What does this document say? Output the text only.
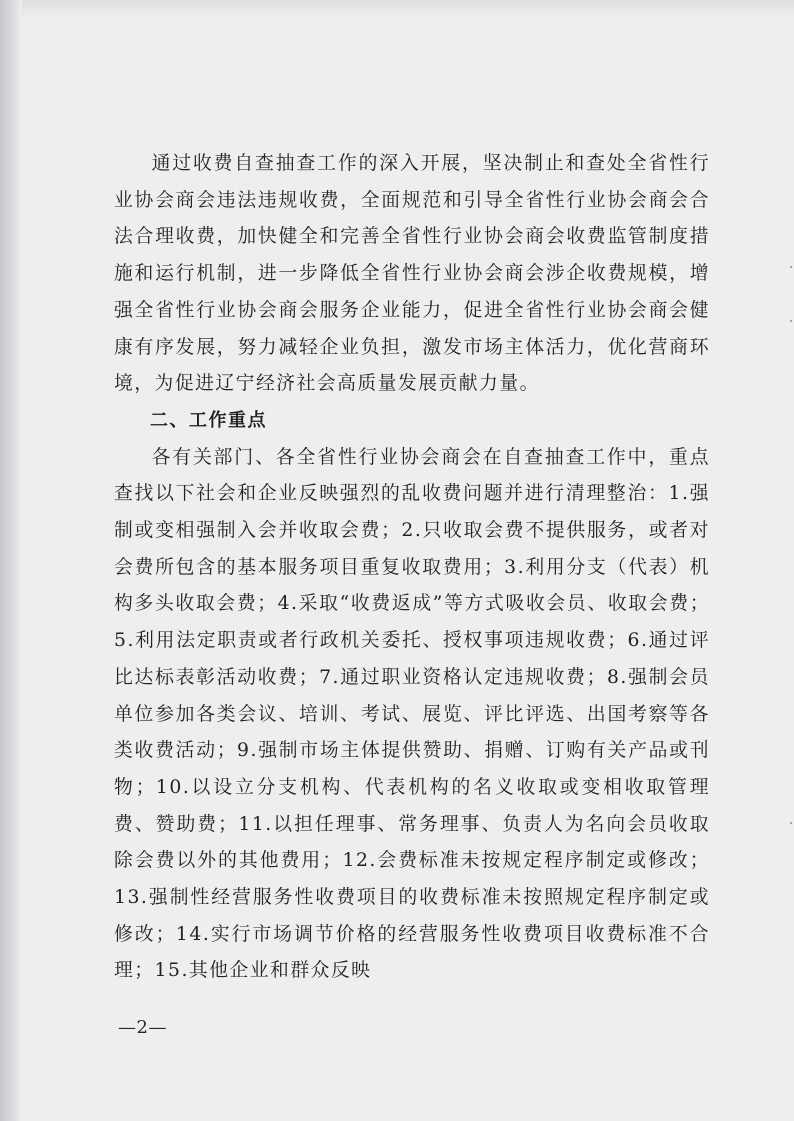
通过收费自查抽查工作的深入开展，坚决制止和查处全省性行业协会商会违法违规收费，全面规范和引导全省性行业协会商会合法合理收费，加快健全和完善全省性行业协会商会收费监管制度措施和运行机制，进一步降低全省性行业协会商会涉企收费规模，增强全省性行业协会商会服务企业能力，促进全省性行业协会商会健康有序发展，努力减轻企业负担，激发市场主体活力，优化营商环境，为促进辽宁经济社会高质量发展贡献力量。

二、工作重点

各有关部门、各全省性行业协会商会在自查抽查工作中，重点查找以下社会和企业反映强烈的乱收费问题并进行清理整治：1.强制或变相强制入会并收取会费；2.只收取会费不提供服务，或者对会费所包含的基本服务项目重复收取费用；3.利用分支（代表）机构多头收取会费；4.采取“收费返成”等方式吸收会员、收取会费；5.利用法定职责或者行政机关委托、授权事项违规收费；6.通过评比达标表彰活动收费；7.通过职业资格认定违规收费；8.强制会员单位参加各类会议、培训、考试、展览、评比评选、出国考察等各类收费活动；9.强制市场主体提供赞助、捐赠、订购有关产品或刊物；10.以设立分支机构、代表机构的名义收取或变相收取管理费、赞助费；11.以担任理事、常务理事、负责人为名向会员收取除会费以外的其他费用；12.会费标准未按规定程序制定或修改；13.强制性经营服务性收费项目的收费标准未按照规定程序制定或修改；14.实行市场调节价格的经营服务性收费项目收费标准不合理；15.其他企业和群众反映

—2—
